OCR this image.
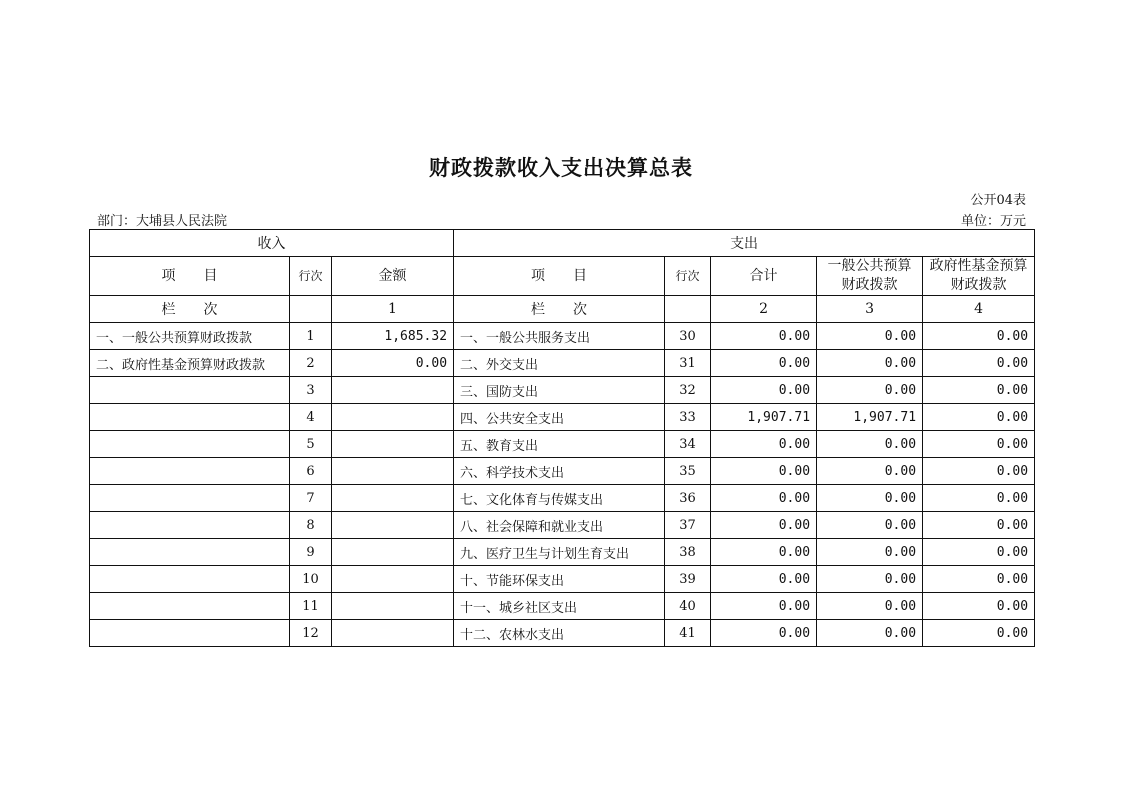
财政拨款收入支出决算总表
公开04表
部门：大埔县人民法院	单位：万元
收入			支出				
项　　目	行次	金额	项　　目	行次	合计	一般公共预算财政拨款	政府性基金预算财政拨款
栏　　次		1	栏　　次		2	3	4
一、一般公共预算财政拨款	1	1,685.32	一、一般公共服务支出	30	0.00	0.00	0.00
二、政府性基金预算财政拨款	2	0.00	二、外交支出	31	0.00	0.00	0.00
	3		三、国防支出	32	0.00	0.00	0.00
	4		四、公共安全支出	33	1,907.71	1,907.71	0.00
	5		五、教育支出	34	0.00	0.00	0.00
	6		六、科学技术支出	35	0.00	0.00	0.00
	7		七、文化体育与传媒支出	36	0.00	0.00	0.00
	8		八、社会保障和就业支出	37	0.00	0.00	0.00
	9		九、医疗卫生与计划生育支出	38	0.00	0.00	0.00
	10		十、节能环保支出	39	0.00	0.00	0.00
	11		十一、城乡社区支出	40	0.00	0.00	0.00
	12		十二、农林水支出	41	0.00	0.00	0.00
